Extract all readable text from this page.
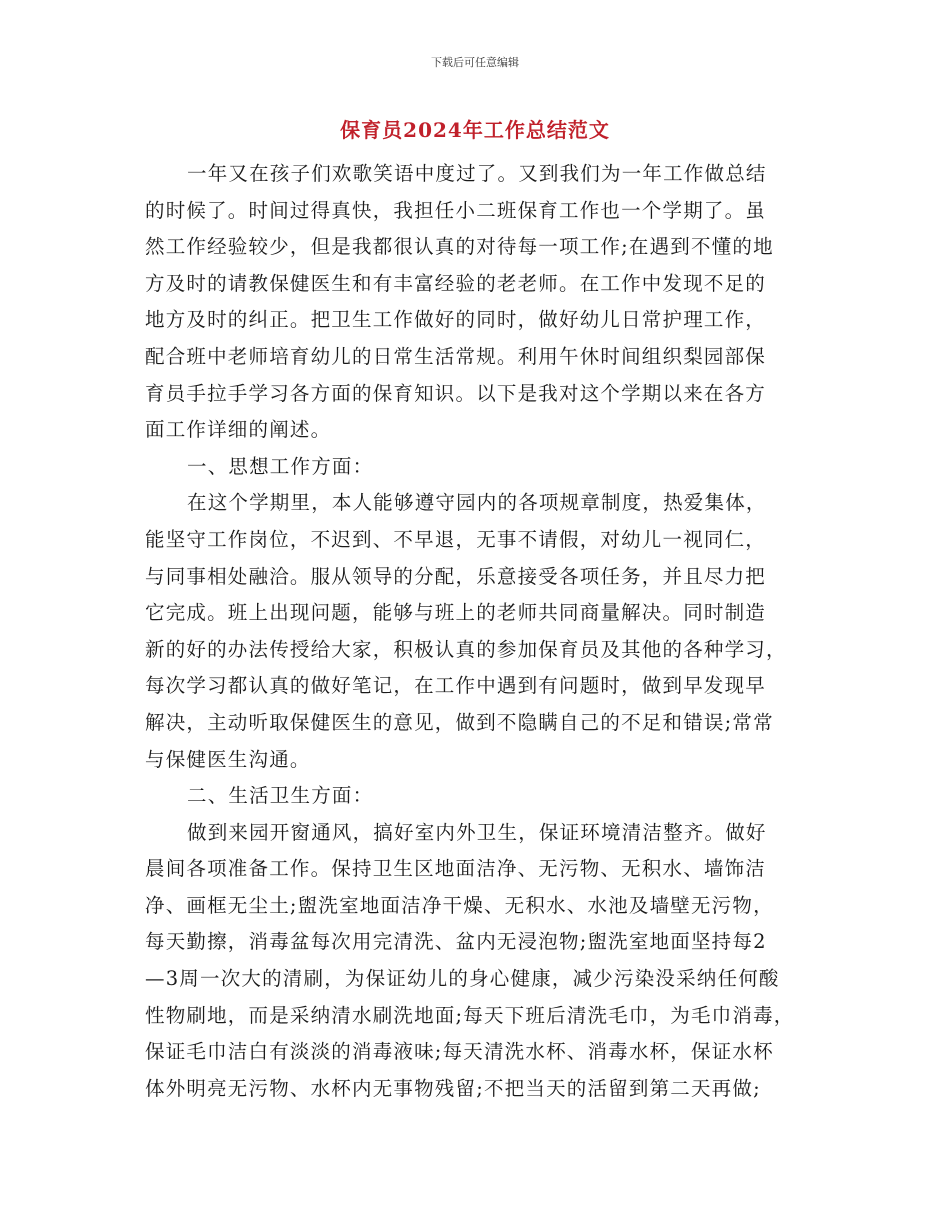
下载后可任意编辑
保育员2024年工作总结范文
一年又在孩子们欢歌笑语中度过了。又到我们为一年工作做总结
的时候了。时间过得真快，我担任小二班保育工作也一个学期了。虽
然工作经验较少，但是我都很认真的对待每一项工作;在遇到不懂的地
方及时的请教保健医生和有丰富经验的老老师。在工作中发现不足的
地方及时的纠正。把卫生工作做好的同时，做好幼儿日常护理工作，
配合班中老师培育幼儿的日常生活常规。利用午休时间组织梨园部保
育员手拉手学习各方面的保育知识。以下是我对这个学期以来在各方
面工作详细的阐述。
一、思想工作方面：
在这个学期里，本人能够遵守园内的各项规章制度，热爱集体，
能坚守工作岗位，不迟到、不早退，无事不请假，对幼儿一视同仁，
与同事相处融洽。服从领导的分配，乐意接受各项任务，并且尽力把
它完成。班上出现问题，能够与班上的老师共同商量解决。同时制造
新的好的办法传授给大家，积极认真的参加保育员及其他的各种学习，
每次学习都认真的做好笔记，在工作中遇到有问题时，做到早发现早
解决，主动听取保健医生的意见，做到不隐瞒自己的不足和错误;常常
与保健医生沟通。
二、生活卫生方面：
做到来园开窗通风，搞好室内外卫生，保证环境清洁整齐。做好
晨间各项准备工作。保持卫生区地面洁净、无污物、无积水、墙饰洁
净、画框无尘土;盥洗室地面洁净干燥、无积水、水池及墙壁无污物，
每天勤擦，消毒盆每次用完清洗、盆内无浸泡物;盥洗室地面坚持每2
—3周一次大的清刷，为保证幼儿的身心健康，减少污染没采纳任何酸
性物刷地，而是采纳清水刷洗地面;每天下班后清洗毛巾，为毛巾消毒，
保证毛巾洁白有淡淡的消毒液味;每天清洗水杯、消毒水杯，保证水杯
体外明亮无污物、水杯内无事物残留;不把当天的活留到第二天再做;
